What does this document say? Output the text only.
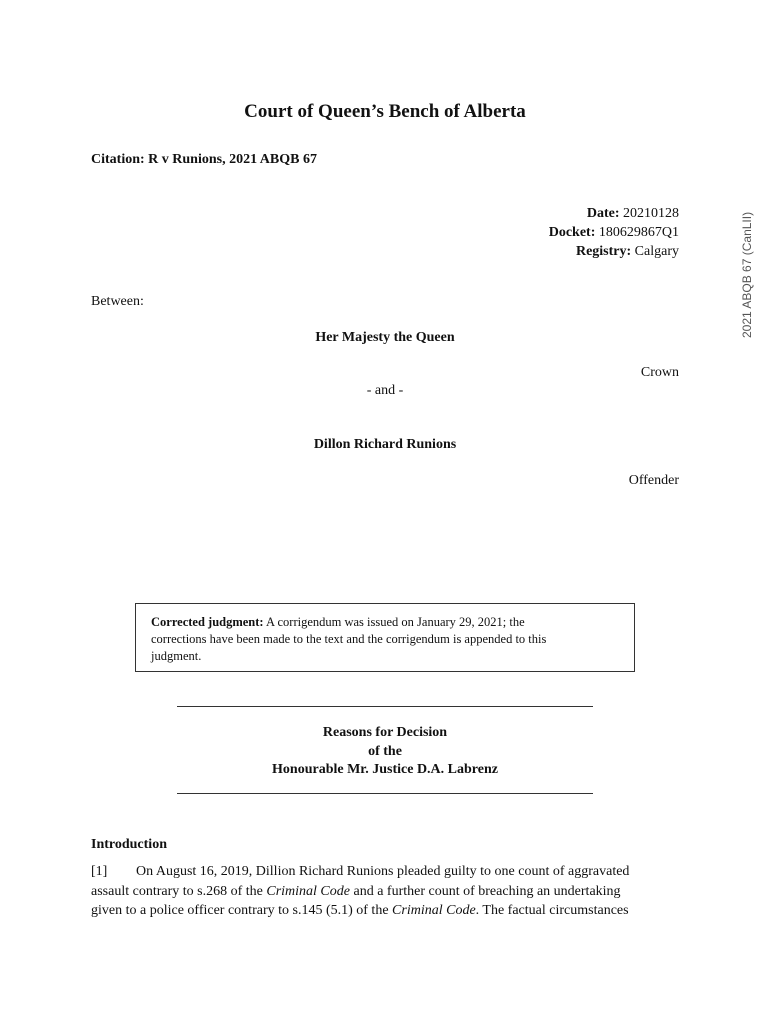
Court of Queen’s Bench of Alberta
Citation: R v Runions, 2021 ABQB 67
Date: 20210128
Docket: 180629867Q1
Registry: Calgary	2021 ABQB 67 (CanLII)
Between:
Her Majesty the Queen
Crown
- and -
Dillon Richard Runions
Offender
Corrected judgment: A corrigendum was issued on January 29, 2021; the
corrections have been made to the text and the corrigendum is appended to this
judgment.
Reasons for Decision
of the
Honourable Mr. Justice D.A. Labrenz
Introduction
[1] On August 16, 2019, Dillion Richard Runions pleaded guilty to one count of aggravated
assault contrary to s.268 of the Criminal Code and a further count of breaching an undertaking
given to a police officer contrary to s.145 (5.1) of the Criminal Code. The factual circumstances
